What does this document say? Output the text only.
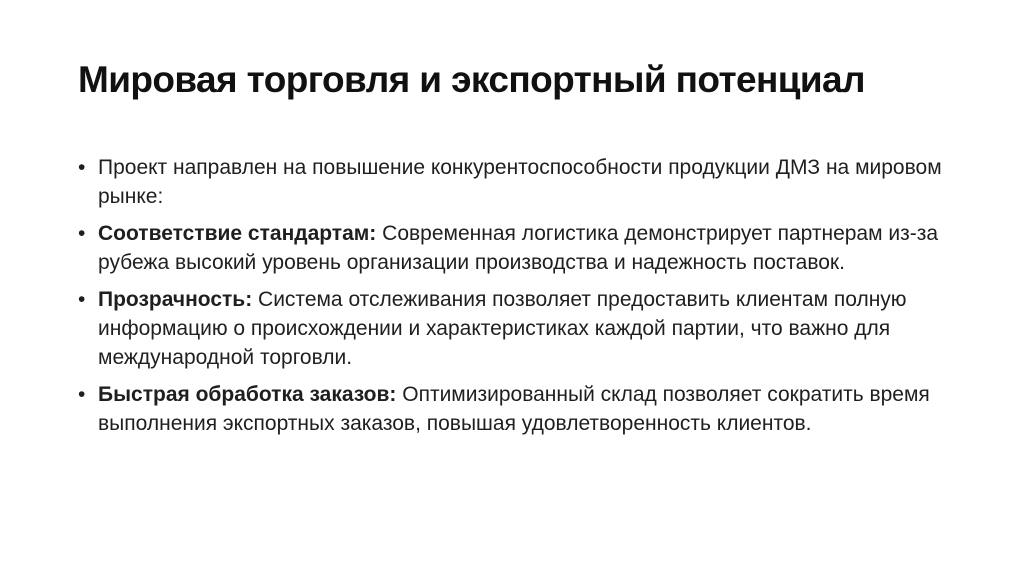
Мировая торговля и экспортный потенциал
• Проект направлен на повышение конкурентоспособности продукции ДМЗ на мировом рынке:
• Соответствие стандартам: Современная логистика демонстрирует партнерам из-за рубежа высокий уровень организации производства и надежность поставок.
• Прозрачность: Система отслеживания позволяет предоставить клиентам полную информацию о происхождении и характеристиках каждой партии, что важно для международной торговли.
• Быстрая обработка заказов: Оптимизированный склад позволяет сократить время выполнения экспортных заказов, повышая удовлетворенность клиентов.
